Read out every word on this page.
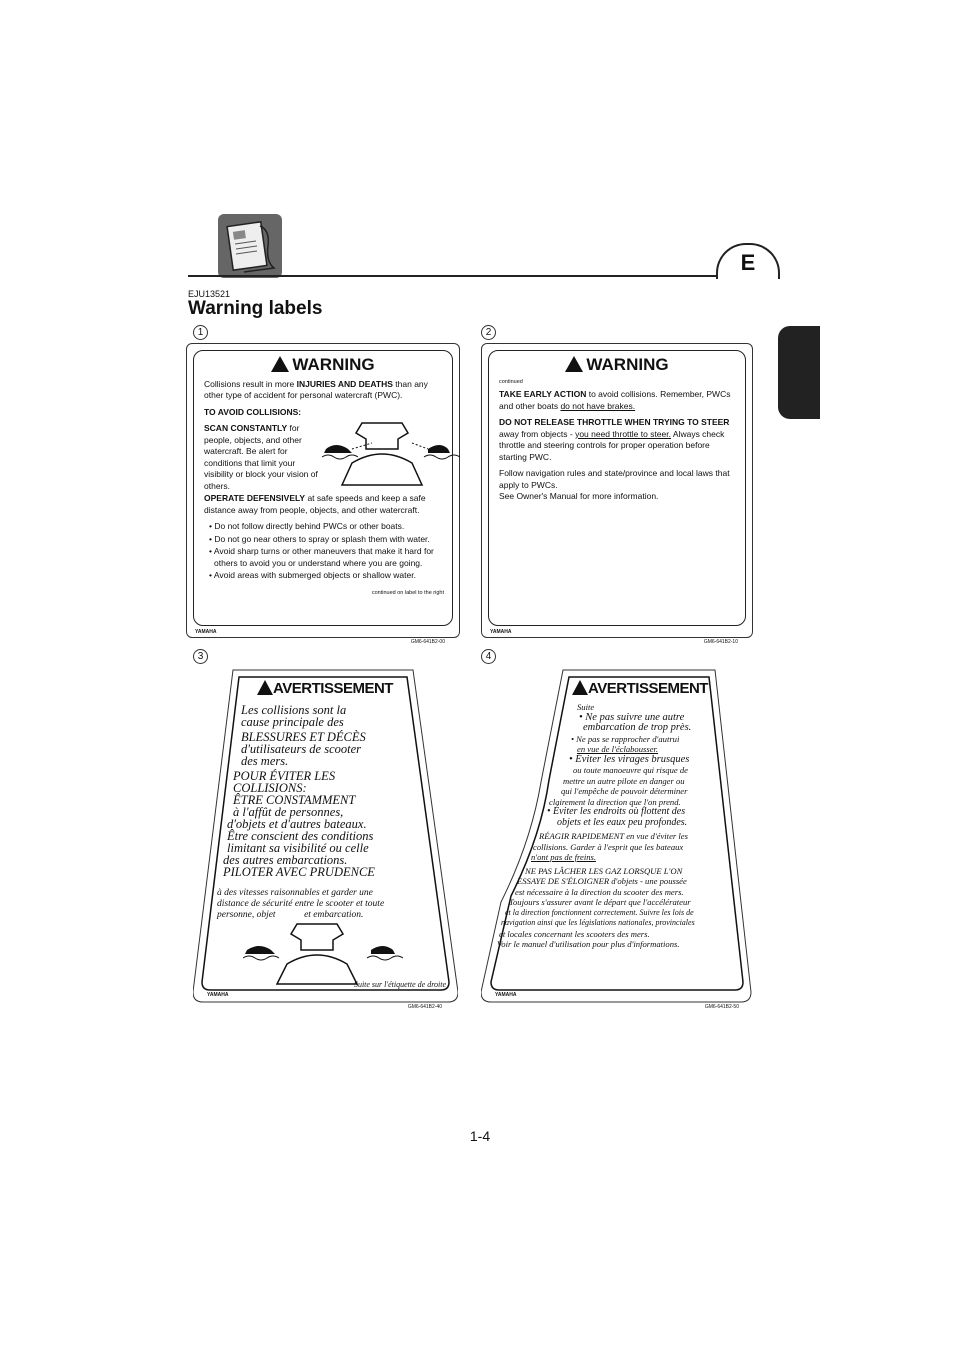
E
EJU13521
Warning labels
1	2
3	4
WARNING

Collisions result in more INJURIES AND DEATHS than any other type of accident for personal watercraft (PWC).

TO AVOID COLLISIONS:

SCAN CONSTANTLY for people, objects, and other watercraft. Be alert for conditions that limit your visibility or block your vision of others.

OPERATE DEFENSIVELY at safe speeds and keep a safe distance away from people, objects, and other watercraft.

• Do not follow directly behind PWCs or other boats.
• Do not go near others to spray or splash them with water.
• Avoid sharp turns or other maneuvers that make it hard for others to avoid you or understand where you are going.
• Avoid areas with submerged objects or shallow water.
continued on label to the right
YAMAHA
GM6-641B2-00
WARNING
continued

TAKE EARLY ACTION to avoid collisions. Remember, PWCs and other boats do not have brakes.

DO NOT RELEASE THROTTLE WHEN TRYING TO STEER away from objects - you need throttle to steer. Always check throttle and steering controls for proper operation before starting PWC.

Follow navigation rules and state/province and local laws that apply to PWCs.

See Owner's Manual for more information.

YAMAHA
GM6-641B2-10
AVERTISSEMENT
Les collisions sont la
cause principale des
BLESSURES ET DÉCÈS
d'utilisateurs de scooter
des mers.
POUR ÉVITER LES
COLLISIONS:
ÊTRE CONSTAMMENT
à l'affût de personnes,
d'objets et d'autres bateaux.
Être conscient des conditions
limitant sa visibilité ou celle
des autres embarcations.
PILOTER AVEC PRUDENCE
à des vitesses raisonnables et garder une
distance de sécurité entre le scooter et toute
personne, objet            et embarcation.
Suite sur l'étiquette de droite
YAMAHA
GM6-641B2-40
AVERTISSEMENT
Suite
• Ne pas suivre une autre
embarcation de trop près.
• Ne pas se rapprocher d'autrui
en vue de l'éclabousser.
• Éviter les virages brusques
ou toute manoeuvre qui risque de
mettre un autre pilote en danger ou
qui l'empêche de pouvoir déterminer
clairement la direction que l'on prend.
• Éviter les endroits où flottent des
objets et les eaux peu profondes.
RÉAGIR RAPIDEMENT en vue d'éviter les
collisions. Garder à l'esprit que les bateaux
n'ont pas de freins.
NE PAS LÂCHER LES GAZ LORSQUE L'ON
ESSAYE DE S'ÉLOIGNER d'objets - une poussée
est nécessaire à la direction du scooter des mers.
Toujours s'assurer avant le départ que l'accélérateur
et la direction fonctionnent correctement. Suivre les lois de
navigation ainsi que les législations nationales, provinciales
et locales concernant les scooters des mers.
Voir le manuel d'utilisation pour plus d'informations.
YAMAHA
GM6-641B2-50
1-4
